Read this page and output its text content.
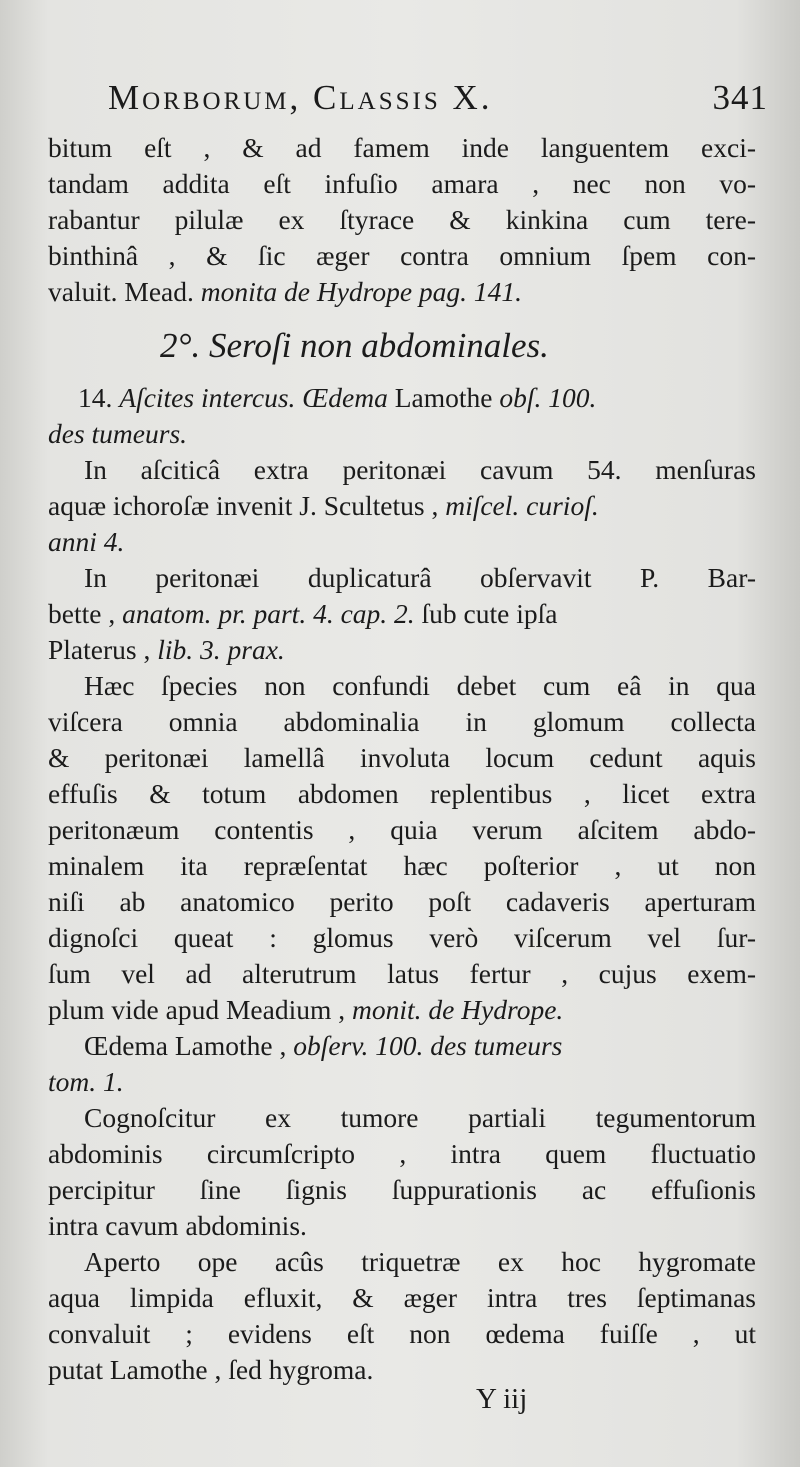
Morborum, Classis X.	341
bitum eſt , & ad famem inde languentem exci-
tandam addita eſt infuſio amara , nec non vo-
rabantur pilulæ ex ſtyrace & kinkina cum tere-
binthinâ , & ſic æger contra omnium ſpem con-
valuit. Mead. monita de Hydrope pag. 141.
2°. Seroſi non abdominales.
14. Aſcites intercus. Œdema Lamothe obſ. 100.
des tumeurs.
In aſciticâ extra peritonæi cavum 54. menſuras
aquæ ichoroſæ invenit J. Scultetus , miſcel. curioſ.
anni 4.
In peritonæi duplicaturâ obſervavit P. Bar-
bette , anatom. pr. part. 4. cap. 2. ſub cute ipſa
Platerus , lib. 3. prax.
Hæc ſpecies non confundi debet cum eâ in qua
viſcera omnia abdominalia in glomum collecta
& peritonæi lamellâ involuta locum cedunt aquis
effuſis & totum abdomen replentibus , licet extra
peritonæum contentis , quia verum aſcitem abdo-
minalem ita repræſentat hæc poſterior , ut non
niſi ab anatomico perito poſt cadaveris aperturam
dignoſci queat : glomus verò viſcerum vel ſur-
ſum vel ad alterutrum latus fertur , cujus exem-
plum vide apud Meadium , monit. de Hydrope.
Œdema Lamothe , obſerv. 100. des tumeurs
tom. 1.
Cognoſcitur ex tumore partiali tegumentorum
abdominis circumſcripto , intra quem fluctuatio
percipitur ſine ſignis ſuppurationis ac effuſionis
intra cavum abdominis.
Aperto ope acûs triquetræ ex hoc hygromate
aqua limpida efluxit, & æger intra tres ſeptimanas
convaluit ; evidens eſt non œdema fuiſſe , ut
putat Lamothe , ſed hygroma.
Y iij
